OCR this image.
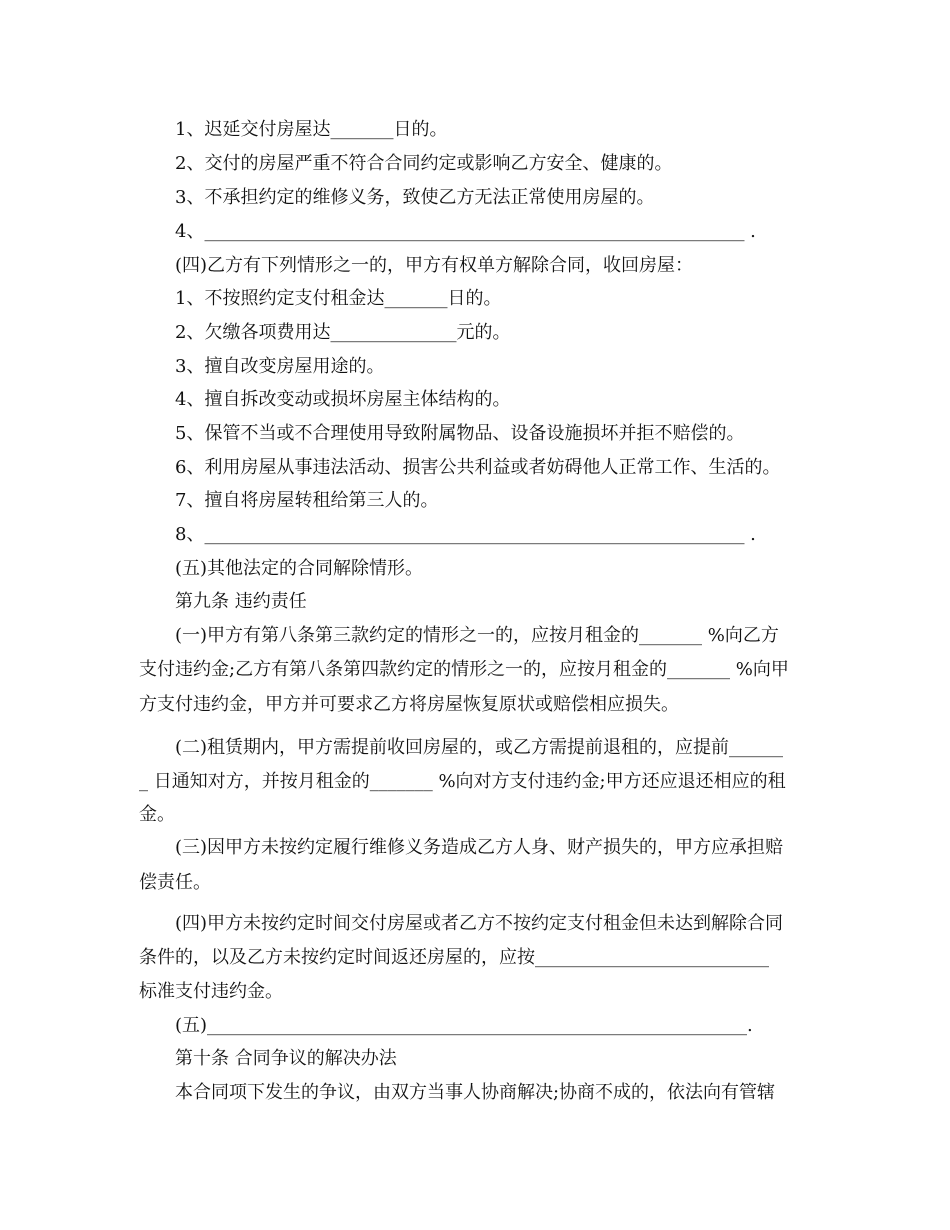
1、迟延交付房屋达_______日的。
2、交付的房屋严重不符合合同约定或影响乙方安全、健康的。
3、不承担约定的维修义务，致使乙方无法正常使用房屋的。
4、____________________________________________________________ .
(四)乙方有下列情形之一的，甲方有权单方解除合同，收回房屋：
1、不按照约定支付租金达_______日的。
2、欠缴各项费用达______________元的。
3、擅自改变房屋用途的。
4、擅自拆改变动或损坏房屋主体结构的。
5、保管不当或不合理使用导致附属物品、设备设施损坏并拒不赔偿的。
6、利用房屋从事违法活动、损害公共利益或者妨碍他人正常工作、生活的。
7、擅自将房屋转租给第三人的。
8、____________________________________________________________ .
(五)其他法定的合同解除情形。
第九条 违约责任
(一)甲方有第八条第三款约定的情形之一的，应按月租金的_______ %向乙方
支付违约金;乙方有第八条第四款约定的情形之一的，应按月租金的_______ %向甲
方支付违约金，甲方并可要求乙方将房屋恢复原状或赔偿相应损失。
(二)租赁期内，甲方需提前收回房屋的，或乙方需提前退租的，应提前______
_ 日通知对方，并按月租金的_______ %向对方支付违约金;甲方还应退还相应的租
金。
(三)因甲方未按约定履行维修义务造成乙方人身、财产损失的，甲方应承担赔
偿责任。
(四)甲方未按约定时间交付房屋或者乙方不按约定支付租金但未达到解除合同
条件的，以及乙方未按约定时间返还房屋的，应按__________________________
标准支付违约金。
(五)____________________________________________________________.
第十条 合同争议的解决办法
本合同项下发生的争议，由双方当事人协商解决;协商不成的，依法向有管辖
